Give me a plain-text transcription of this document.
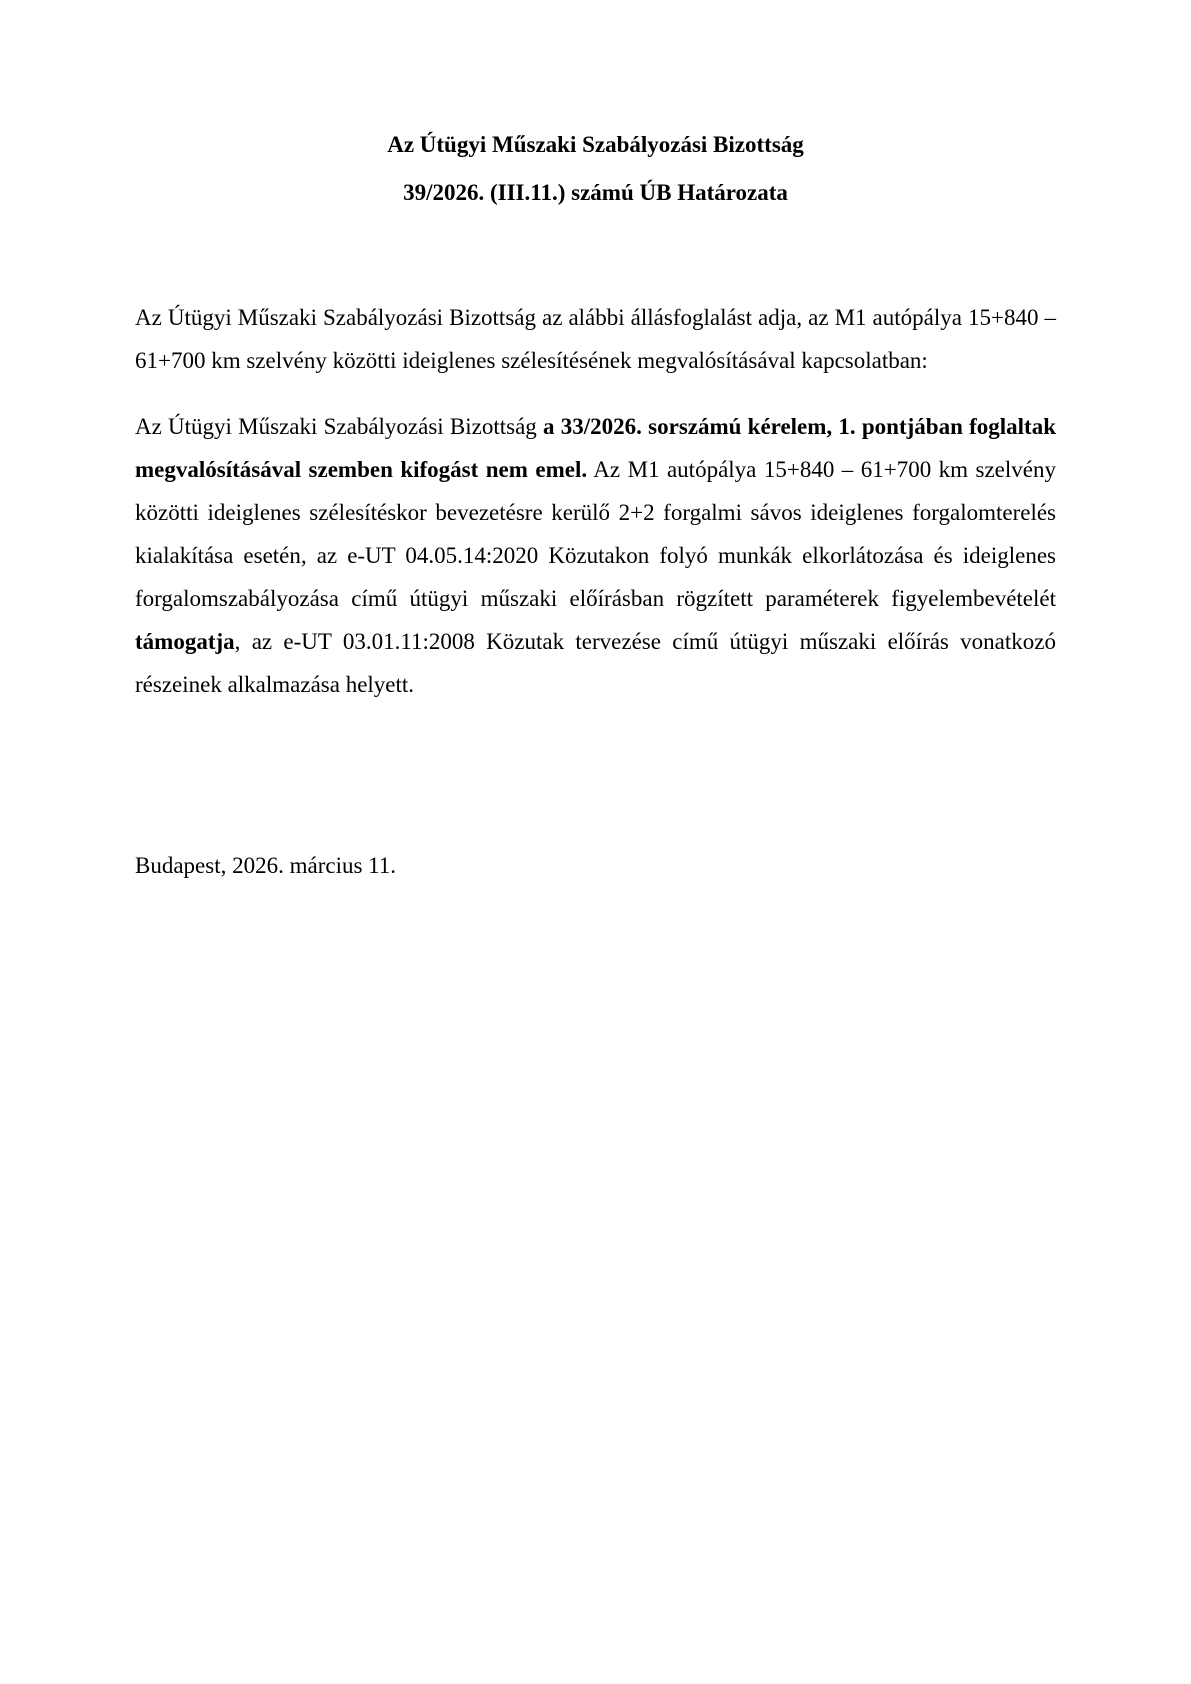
Az Útügyi Műszaki Szabályozási Bizottság
39/2026. (III.11.) számú ÚB Határozata

Az Útügyi Műszaki Szabályozási Bizottság az alábbi állásfoglalást adja, az M1 autópálya 15+840 – 61+700 km szelvény közötti ideiglenes szélesítésének megvalósításával kapcsolatban:

Az Útügyi Műszaki Szabályozási Bizottság a 33/2026. sorszámú kérelem, 1. pontjában foglaltak megvalósításával szemben kifogást nem emel. Az M1 autópálya 15+840 – 61+700 km szelvény közötti ideiglenes szélesítéskor bevezetésre kerülő 2+2 forgalmi sávos ideiglenes forgalomterelés kialakítása esetén, az e-UT 04.05.14:2020 Közutakon folyó munkák elkorlátozása és ideiglenes forgalomszabályozása című útügyi műszaki előírásban rögzített paraméterek figyelembevételét támogatja, az e-UT 03.01.11:2008 Közutak tervezése című útügyi műszaki előírás vonatkozó részeinek alkalmazása helyett.

Budapest, 2026. március 11.
